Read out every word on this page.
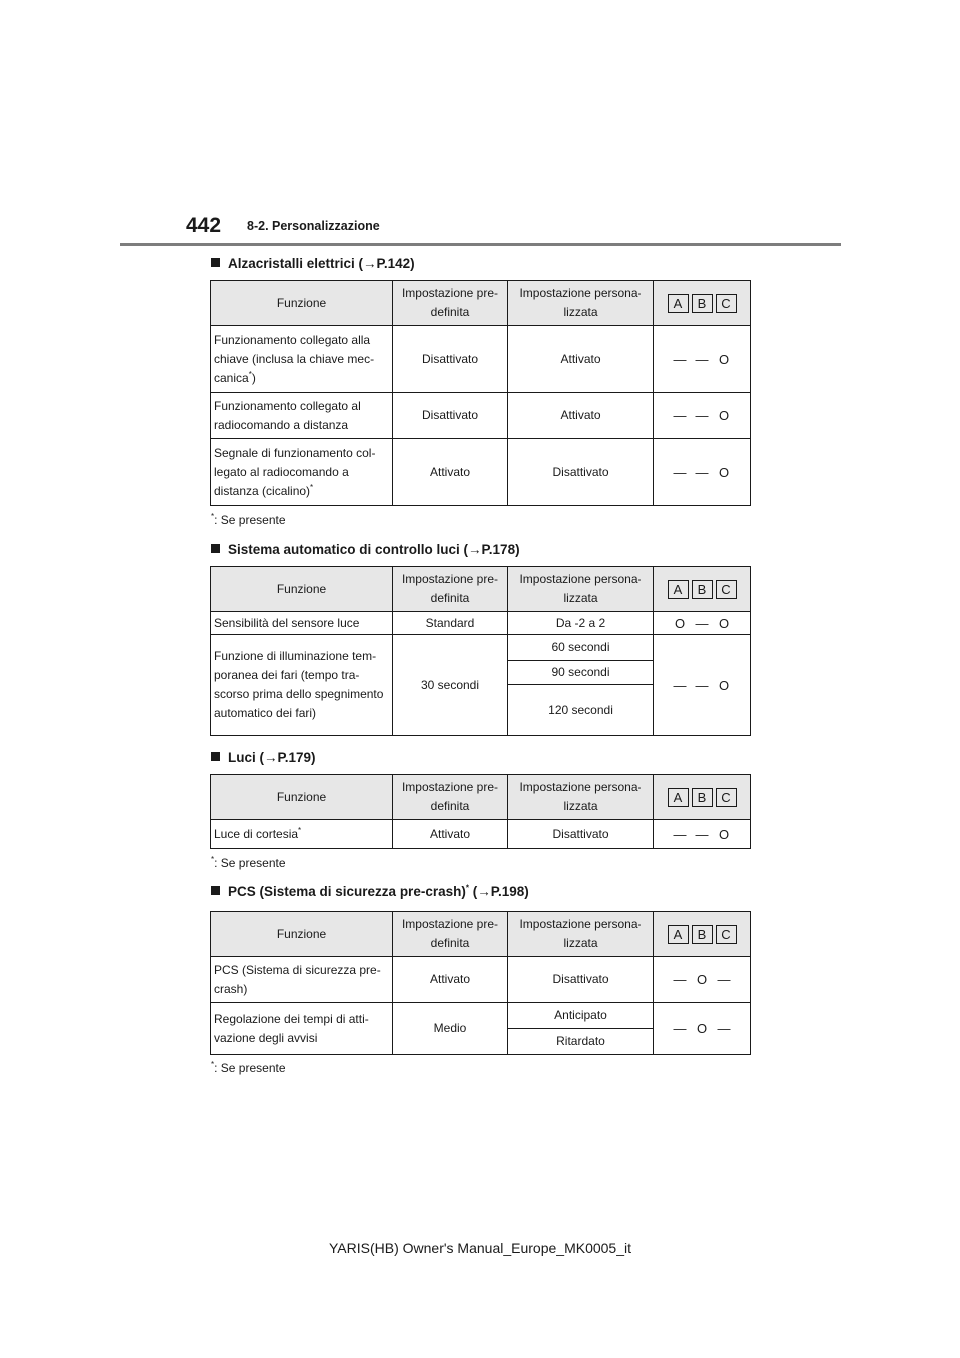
442 8-2. Personalizzazione
Alzacristalli elettrici (→P.142)
Funzione	Impostazione pre-definita	Impostazione persona-lizzata	A B C

Funzionamento collegato alla chiave (inclusa la chiave mec-canica*)	Disattivato	Attivato	— — O

Funzionamento collegato al radiocomando a distanza	Disattivato	Attivato	— — O

Segnale di funzionamento col-legato al radiocomando a distanza (cicalino)*	Attivato	Disattivato	— — O
*: Se presente
Sistema automatico di controllo luci (→P.178)
Funzione	Impostazione pre-definita	Impostazione persona-lizzata	A B C

Sensibilità del sensore luce	Standard	Da -2 a 2	O — O

Funzione di illuminazione tem-poranea dei fari (tempo tra-scorso prima dello spegnimento automatico dei fari)	30 secondi	60 secondi	— — O

		90 secondi	
		120 secondi	
Luci (→P.179)
Funzione	Impostazione pre-definita	Impostazione persona-lizzata	A B C

Luce di cortesia*	Attivato	Disattivato	— — O
*: Se presente
PCS (Sistema di sicurezza pre-crash)* (→P.198)
Funzione	Impostazione pre-definita	Impostazione persona-lizzata	A B C

PCS (Sistema di sicurezza pre-crash)	Attivato	Disattivato	— O —

Regolazione dei tempi di atti-vazione degli avvisi	Medio	Anticipato	— O —

		Ritardato	
*: Se presente
YARIS(HB) Owner's Manual_Europe_MK0005_it
